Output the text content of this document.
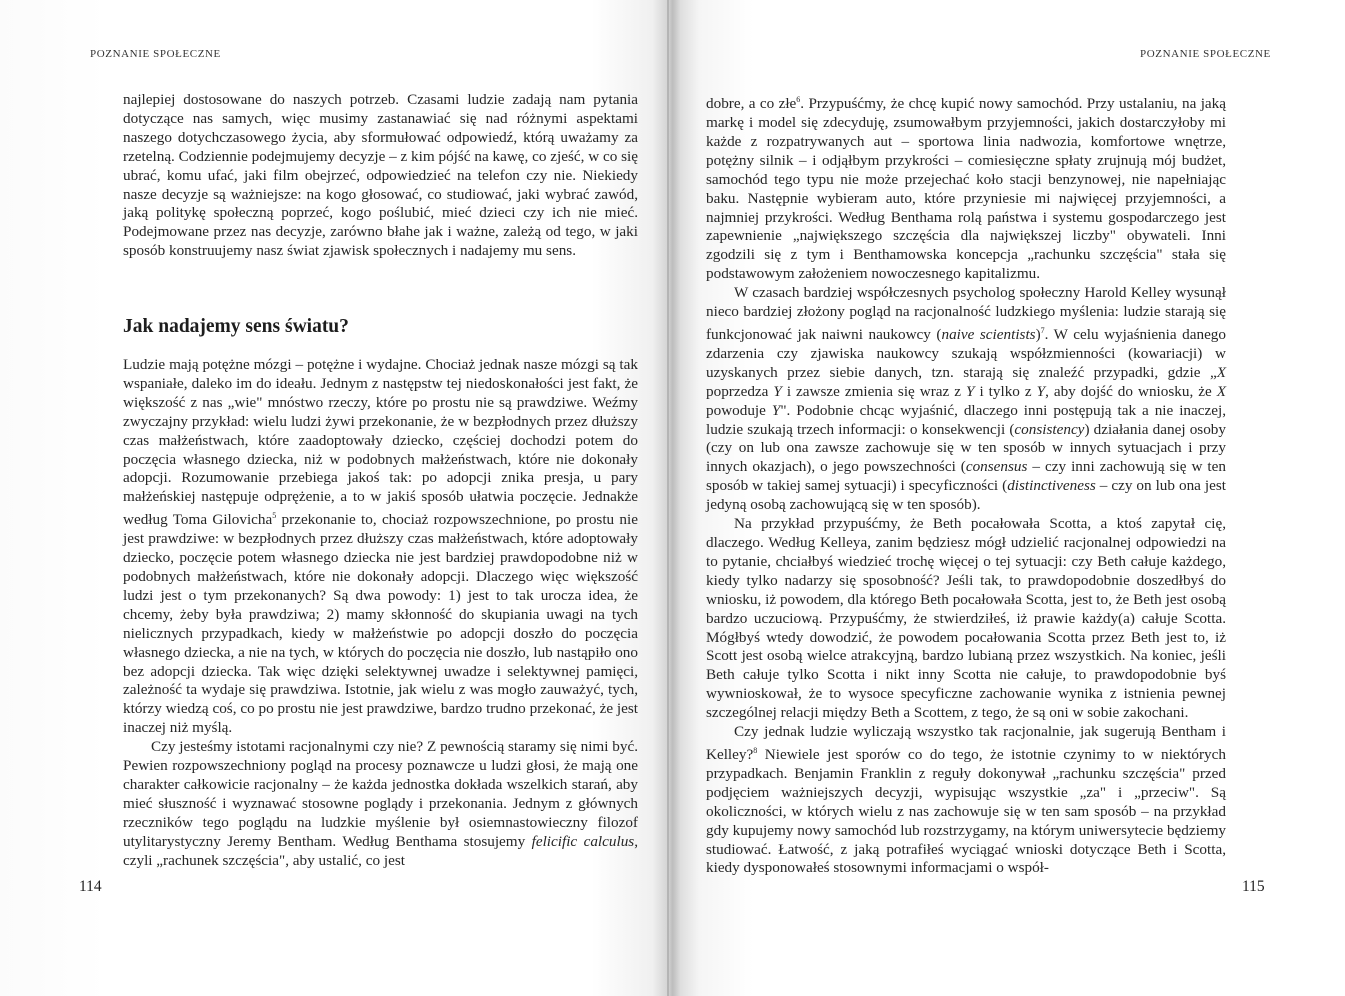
POZNANIE SPOŁECZNE

najlepiej dostosowane do naszych potrzeb. Czasami ludzie zadają nam pytania dotyczące nas samych, więc musimy zastanawiać się nad różnymi aspektami naszego dotychczasowego życia, aby sformułować odpowiedź, którą uważamy za rzetelną. Codziennie podejmujemy decyzje – z kim pójść na kawę, co zjeść, w co się ubrać, komu ufać, jaki film obejrzeć, odpowiedzieć na telefon czy nie. Niekiedy nasze decyzje są ważniejsze: na kogo głosować, co studiować, jaki wybrać zawód, jaką politykę społeczną poprzeć, kogo poślubić, mieć dzieci czy ich nie mieć. Podejmowane przez nas decyzje, zarówno błahe jak i ważne, zależą od tego, w jaki sposób konstruujemy nasz świat zjawisk społecznych i nadajemy mu sens.

Jak nadajemy sens światu?

Ludzie mają potężne mózgi – potężne i wydajne. Chociaż jednak nasze mózgi są tak wspaniałe, daleko im do ideału. Jednym z następstw tej niedoskonałości jest fakt, że większość z nas „wie" mnóstwo rzeczy, które po prostu nie są prawdziwe. Weźmy zwyczajny przykład: wielu ludzi żywi przekonanie, że w bezpłodnych przez dłuższy czas małżeństwach, które zaadoptowały dziecko, częściej dochodzi potem do poczęcia własnego dziecka, niż w podobnych małżeństwach, które nie dokonały adopcji. Rozumowanie przebiega jakoś tak: po adopcji znika presja, u pary małżeńskiej następuje odprężenie, a to w jakiś sposób ułatwia poczęcie. Jednakże według Toma Gilovicha$^5$ przekonanie to, chociaż rozpowszechnione, po prostu nie jest prawdziwe: w bezpłodnych przez dłuższy czas małżeństwach, które adoptowały dziecko, poczęcie potem własnego dziecka nie jest bardziej prawdopodobne niż w podobnych małżeństwach, które nie dokonały adopcji. Dlaczego więc większość ludzi jest o tym przekonanych? Są dwa powody: 1) jest to tak urocza idea, że chcemy, żeby była prawdziwa; 2) mamy skłonność do skupiania uwagi na tych nielicznych przypadkach, kiedy w małżeństwie po adopcji doszło do poczęcia własnego dziecka, a nie na tych, w których do poczęcia nie doszło, lub nastąpiło ono bez adopcji dziecka. Tak więc dzięki selektywnej uwadze i selektywnej pamięci, zależność ta wydaje się prawdziwa. Istotnie, jak wielu z was mogło zauważyć, tych, którzy wiedzą coś, co po prostu nie jest prawdziwe, bardzo trudno przekonać, że jest inaczej niż myślą.

Czy jesteśmy istotami racjonalnymi czy nie? Z pewnością staramy się nimi być. Pewien rozpowszechniony pogląd na procesy poznawcze u ludzi głosi, że mają one charakter całkowicie racjonalny – że każda jednostka dokłada wszelkich starań, aby mieć słuszność i wyznawać stosowne poglądy i przekonania. Jednym z głównych rzeczników tego poglądu na ludzkie myślenie był osiemnastowieczny filozof utylitarystyczny Jeremy Bentham. Według Benthama stosujemy felicific calculus, czyli „rachunek szczęścia", aby ustalić, co jest

114
POZNANIE SPOŁECZNE

dobre, a co złe$^6$. Przypuśćmy, że chcę kupić nowy samochód. Przy ustalaniu, na jaką markę i model się zdecyduję, zsumowałbym przyjemności, jakich dostarczyłoby mi każde z rozpatrywanych aut – sportowa linia nadwozia, komfortowe wnętrze, potężny silnik – i odjąłbym przykrości – comiesięczne spłaty zrujnują mój budżet, samochód tego typu nie może przejechać koło stacji benzynowej, nie napełniając baku. Następnie wybieram auto, które przyniesie mi najwięcej przyjemności, a najmniej przykrości. Według Benthama rolą państwa i systemu gospodarczego jest zapewnienie „największego szczęścia dla największej liczby" obywateli. Inni zgodzili się z tym i Benthamowska koncepcja „rachunku szczęścia" stała się podstawowym założeniem nowoczesnego kapitalizmu.

W czasach bardziej współczesnych psycholog społeczny Harold Kelley wysunął nieco bardziej złożony pogląd na racjonalność ludzkiego myślenia: ludzie starają się funkcjonować jak naiwni naukowcy (naive scientists)$^7$. W celu wyjaśnienia danego zdarzenia czy zjawiska naukowcy szukają współzmienności (kowariacji) w uzyskanych przez siebie danych, tzn. starają się znaleźć przypadki, gdzie „X poprzedza Y i zawsze zmienia się wraz z Y i tylko z Y, aby dojść do wniosku, że X powoduje Y". Podobnie chcąc wyjaśnić, dlaczego inni postępują tak a nie inaczej, ludzie szukają trzech informacji: o konsekwencji (consistency) działania danej osoby (czy on lub ona zawsze zachowuje się w ten sposób w innych sytuacjach i przy innych okazjach), o jego powszechności (consensus – czy inni zachowują się w ten sposób w takiej samej sytuacji) i specyficzności (distinctiveness – czy on lub ona jest jedyną osobą zachowującą się w ten sposób).

Na przykład przypuśćmy, że Beth pocałowała Scotta, a ktoś zapytał cię, dlaczego. Według Kelleya, zanim będziesz mógł udzielić racjonalnej odpowiedzi na to pytanie, chciałbyś wiedzieć trochę więcej o tej sytuacji: czy Beth całuje każdego, kiedy tylko nadarzy się sposobność? Jeśli tak, to prawdopodobnie doszedłbyś do wniosku, iż powodem, dla którego Beth pocałowała Scotta, jest to, że Beth jest osobą bardzo uczuciową. Przypuśćmy, że stwierdziłeś, iż prawie każdy(a) całuje Scotta. Mógłbyś wtedy dowodzić, że powodem pocałowania Scotta przez Beth jest to, iż Scott jest osobą wielce atrakcyjną, bardzo lubianą przez wszystkich. Na koniec, jeśli Beth całuje tylko Scotta i nikt inny Scotta nie całuje, to prawdopodobnie byś wywnioskował, że to wysoce specyficzne zachowanie wynika z istnienia pewnej szczególnej relacji między Beth a Scottem, z tego, że są oni w sobie zakochani.

Czy jednak ludzie wyliczają wszystko tak racjonalnie, jak sugerują Bentham i Kelley?$^8$ Niewiele jest sporów co do tego, że istotnie czynimy to w niektórych przypadkach. Benjamin Franklin z reguły dokonywał „rachunku szczęścia" przed podjęciem ważniejszych decyzji, wypisując wszystkie „za" i „przeciw". Są okoliczności, w których wielu z nas zachowuje się w ten sam sposób – na przykład gdy kupujemy nowy samochód lub rozstrzygamy, na którym uniwersytecie będziemy studiować. Łatwość, z jaką potrafiłeś wyciągać wnioski dotyczące Beth i Scotta, kiedy dysponowałeś stosownymi informacjami o współ-

115
